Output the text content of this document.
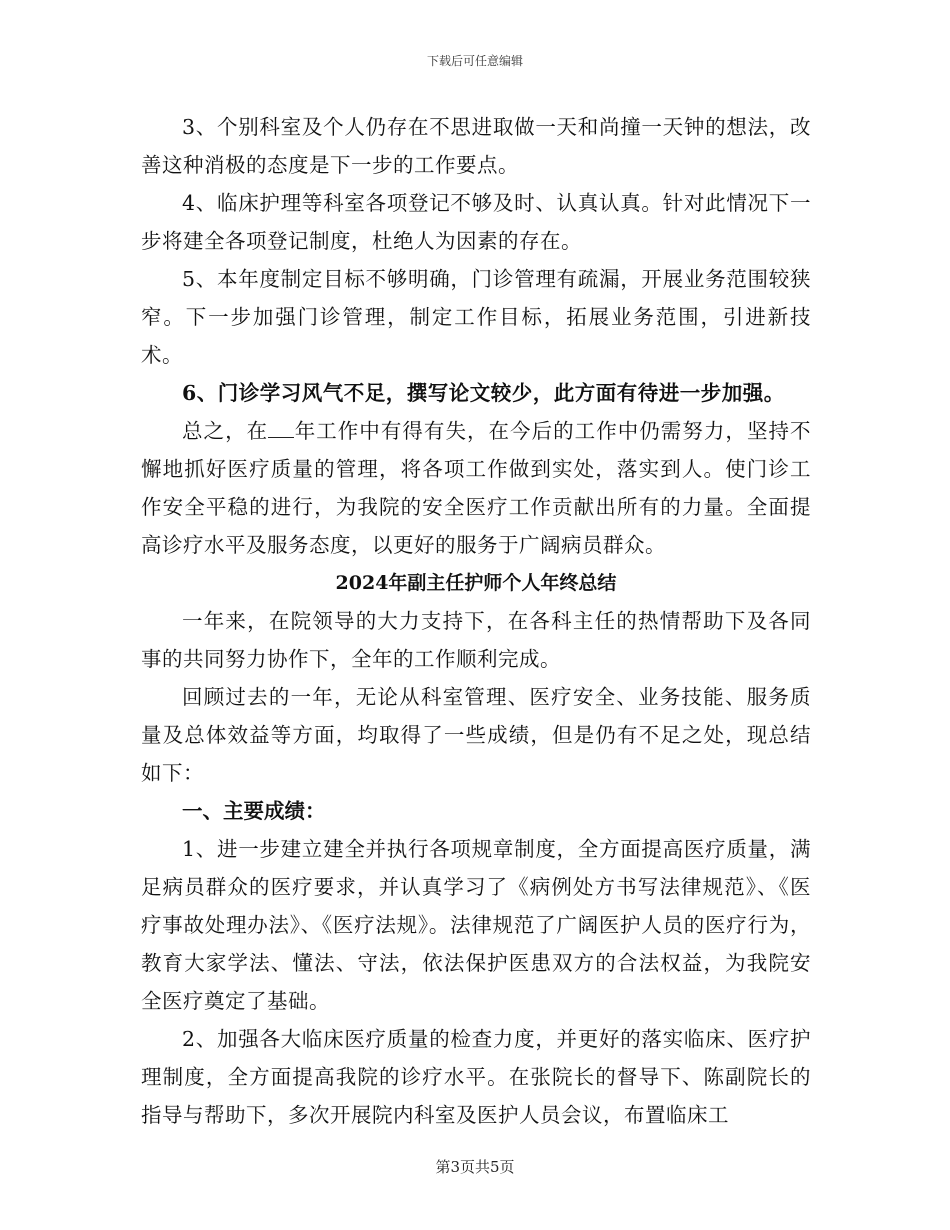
下载后可任意编辑

3、个别科室及个人仍存在不思进取做一天和尚撞一天钟的想法，改善这种消极的态度是下一步的工作要点。

4、临床护理等科室各项登记不够及时、认真认真。针对此情况下一步将建全各项登记制度，杜绝人为因素的存在。

5、本年度制定目标不够明确，门诊管理有疏漏，开展业务范围较狭窄。下一步加强门诊管理，制定工作目标，拓展业务范围，引进新技术。

6、门诊学习风气不足，撰写论文较少，此方面有待进一步加强。

总之，在 年工作中有得有失，在今后的工作中仍需努力，坚持不懈地抓好医疗质量的管理，将各项工作做到实处，落实到人。使门诊工作安全平稳的进行，为我院的安全医疗工作贡献出所有的力量。全面提高诊疗水平及服务态度，以更好的服务于广阔病员群众。

2024年副主任护师个人年终总结

一年来，在院领导的大力支持下，在各科主任的热情帮助下及各同事的共同努力协作下，全年的工作顺利完成。

回顾过去的一年，无论从科室管理、医疗安全、业务技能、服务质量及总体效益等方面，均取得了一些成绩，但是仍有不足之处，现总结如下：

一、主要成绩：

1、进一步建立建全并执行各项规章制度，全方面提高医疗质量，满足病员群众的医疗要求，并认真学习了《病例处方书写法律规范》、《医疗事故处理办法》、《医疗法规》。法律规范了广阔医护人员的医疗行为，教育大家学法、懂法、守法，依法保护医患双方的合法权益，为我院安全医疗奠定了基础。

2、加强各大临床医疗质量的检查力度，并更好的落实临床、医疗护理制度，全方面提高我院的诊疗水平。在张院长的督导下、陈副院长的指导与帮助下，多次开展院内科室及医护人员会议，布置临床工

第3页共5页
